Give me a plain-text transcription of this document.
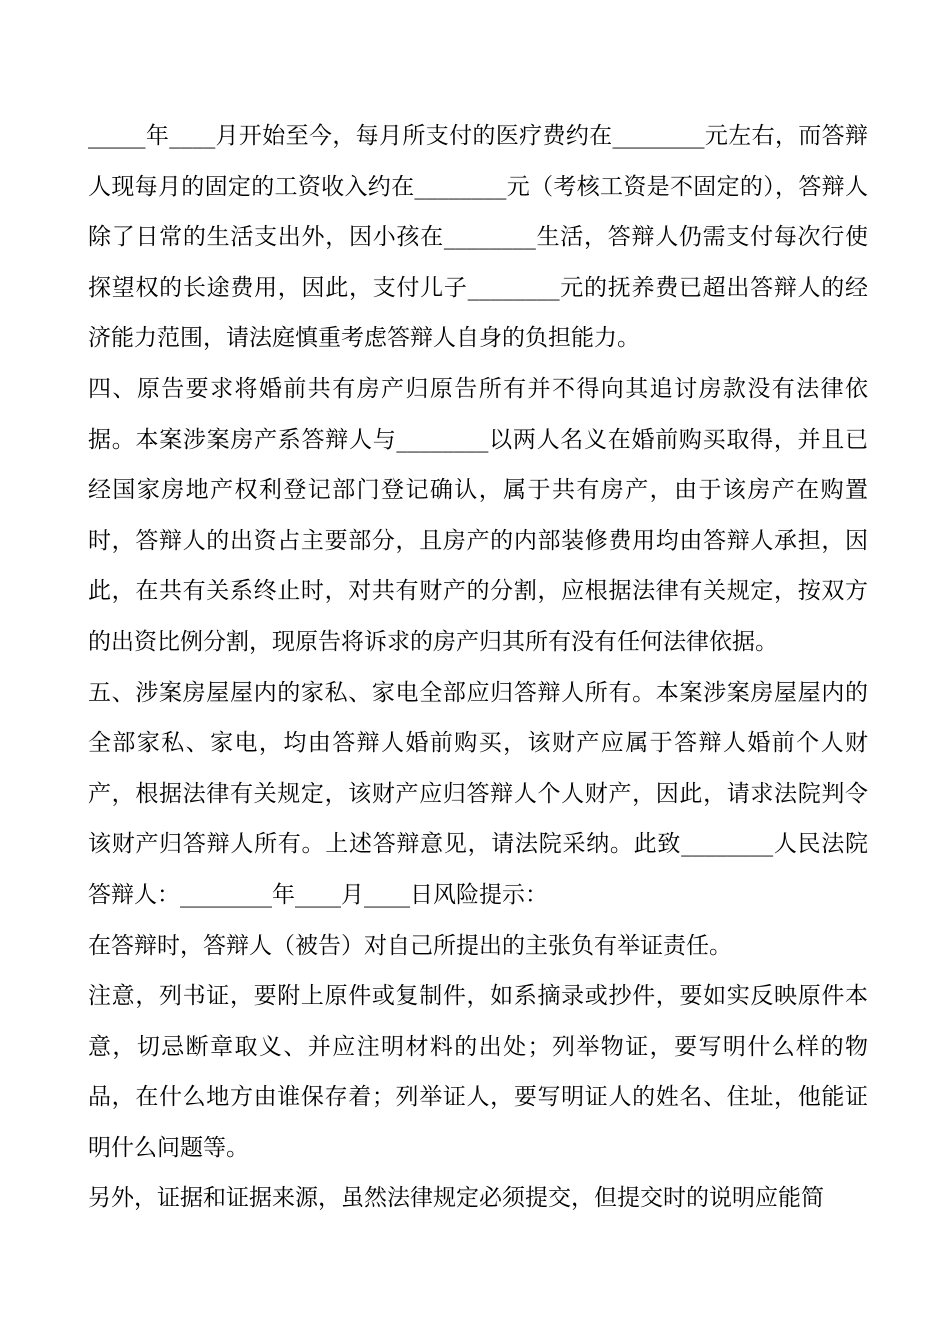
_____年____月开始至今，每月所支付的医疗费约在________元左右，而答辩人现每月的固定的工资收入约在________元（考核工资是不固定的），答辩人除了日常的生活支出外，因小孩在________生活，答辩人仍需支付每次行使探望权的长途费用，因此，支付儿子________元的抚养费已超出答辩人的经济能力范围，请法庭慎重考虑答辩人自身的负担能力。

四、原告要求将婚前共有房产归原告所有并不得向其追讨房款没有法律依据。本案涉案房产系答辩人与________以两人名义在婚前购买取得，并且已经国家房地产权利登记部门登记确认，属于共有房产，由于该房产在购置时，答辩人的出资占主要部分，且房产的内部装修费用均由答辩人承担，因此，在共有关系终止时，对共有财产的分割，应根据法律有关规定，按双方的出资比例分割，现原告将诉求的房产归其所有没有任何法律依据。

五、涉案房屋屋内的家私、家电全部应归答辩人所有。本案涉案房屋屋内的全部家私、家电，均由答辩人婚前购买，该财产应属于答辩人婚前个人财产，根据法律有关规定，该财产应归答辩人个人财产，因此，请求法院判令该财产归答辩人所有。上述答辩意见，请法院采纳。此致________人民法院答辩人：________年____月____日风险提示：

在答辩时，答辩人（被告）对自己所提出的主张负有举证责任。

注意，列书证，要附上原件或复制件，如系摘录或抄件，要如实反映原件本意，切忌断章取义、并应注明材料的出处；列举物证，要写明什么样的物品，在什么地方由谁保存着；列举证人，要写明证人的姓名、住址，他能证明什么问题等。

另外，证据和证据来源，虽然法律规定必须提交，但提交时的说明应能简
